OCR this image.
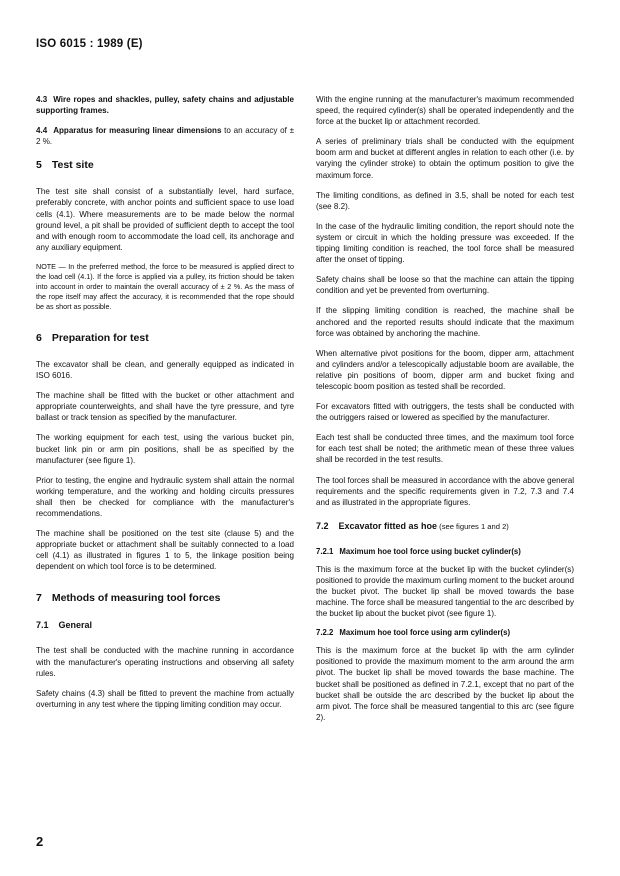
ISO 6015 : 1989 (E)

4.3 Wire ropes and shackles, pulley, safety chains and adjustable supporting frames.

4.4 Apparatus for measuring linear dimensions to an accuracy of ± 2 %.

5 Test site

The test site shall consist of a substantially level, hard surface, preferably concrete, with anchor points and sufficient space to use load cells (4.1). Where measurements are to be made below the normal ground level, a pit shall be provided of sufficient depth to accept the tool and with enough room to accommodate the load cell, its anchorage and any auxiliary equipment.

NOTE — In the preferred method, the force to be measured is applied direct to the load cell (4.1). If the force is applied via a pulley, its friction should be taken into account in order to maintain the overall accuracy of ± 2 %. As the mass of the rope itself may affect the accuracy, it is recommended that the rope should be as short as possible.

6 Preparation for test

The excavator shall be clean, and generally equipped as indicated in ISO 6016.

The machine shall be fitted with the bucket or other attachment and appropriate counterweights, and shall have the tyre pressure, and tyre ballast or track tension as specified by the manufacturer.

The working equipment for each test, using the various bucket pin, bucket link pin or arm pin positions, shall be as specified by the manufacturer (see figure 1).

Prior to testing, the engine and hydraulic system shall attain the normal working temperature, and the working and holding circuits pressures shall then be checked for compliance with the manufacturer's recommendations.

The machine shall be positioned on the test site (clause 5) and the appropriate bucket or attachment shall be suitably connected to a load cell (4.1) as illustrated in figures 1 to 5, the linkage position being dependent on which tool force is to be determined.

7 Methods of measuring tool forces
7.1 General

The test shall be conducted with the machine running in accordance with the manufacturer's operating instructions and observing all safety rules.

Safety chains (4.3) shall be fitted to prevent the machine from actually overturning in any test where the tipping limiting condition may occur.

With the engine running at the manufacturer's maximum recommended speed, the required cylinder(s) shall be operated independently and the force at the bucket lip or attachment recorded.

A series of preliminary trials shall be conducted with the equipment boom arm and bucket at different angles in relation to each other (i.e. by varying the cylinder stroke) to obtain the optimum position to give the maximum force.

The limiting conditions, as defined in 3.5, shall be noted for each test (see 8.2).

In the case of the hydraulic limiting condition, the report should note the system or circuit in which the holding pressure was exceeded. If the tipping limiting condition is reached, the tool force shall be measured after the onset of tipping.

Safety chains shall be loose so that the machine can attain the tipping condition and yet be prevented from overturning.

If the slipping limiting condition is reached, the machine shall be anchored and the reported results should indicate that the maximum force was obtained by anchoring the machine.

When alternative pivot positions for the boom, dipper arm, attachment and cylinders and/or a telescopically adjustable boom are available, the relative pin positions of boom, dipper arm and bucket fixing and telescopic boom position as tested shall be recorded.

For excavators fitted with outriggers, the tests shall be conducted with the outriggers raised or lowered as specified by the manufacturer.

Each test shall be conducted three times, and the maximum tool force for each test shall be noted; the arithmetic mean of these three values shall be recorded in the test results.

The tool forces shall be measured in accordance with the above general requirements and the specific requirements given in 7.2, 7.3 and 7.4 and as illustrated in the appropriate figures.

7.2 Excavator fitted as hoe (see figures 1 and 2)
7.2.1 Maximum hoe tool force using bucket cylinder(s)

This is the maximum force at the bucket lip with the bucket cylinder(s) positioned to provide the maximum curling moment to the bucket around the bucket pivot. The bucket lip shall be moved towards the base machine. The force shall be measured tangential to the arc described by the bucket lip about the bucket pivot (see figure 1).

7.2.2 Maximum hoe tool force using arm cylinder(s)

This is the maximum force at the bucket lip with the arm cylinder positioned to provide the maximum moment to the arm around the arm pivot. The bucket lip shall be moved towards the base machine. The bucket shall be positioned as defined in 7.2.1, except that no part of the bucket shall be outside the arc described by the bucket lip about the arm pivot. The force shall be measured tangential to this arc (see figure 2).

2
